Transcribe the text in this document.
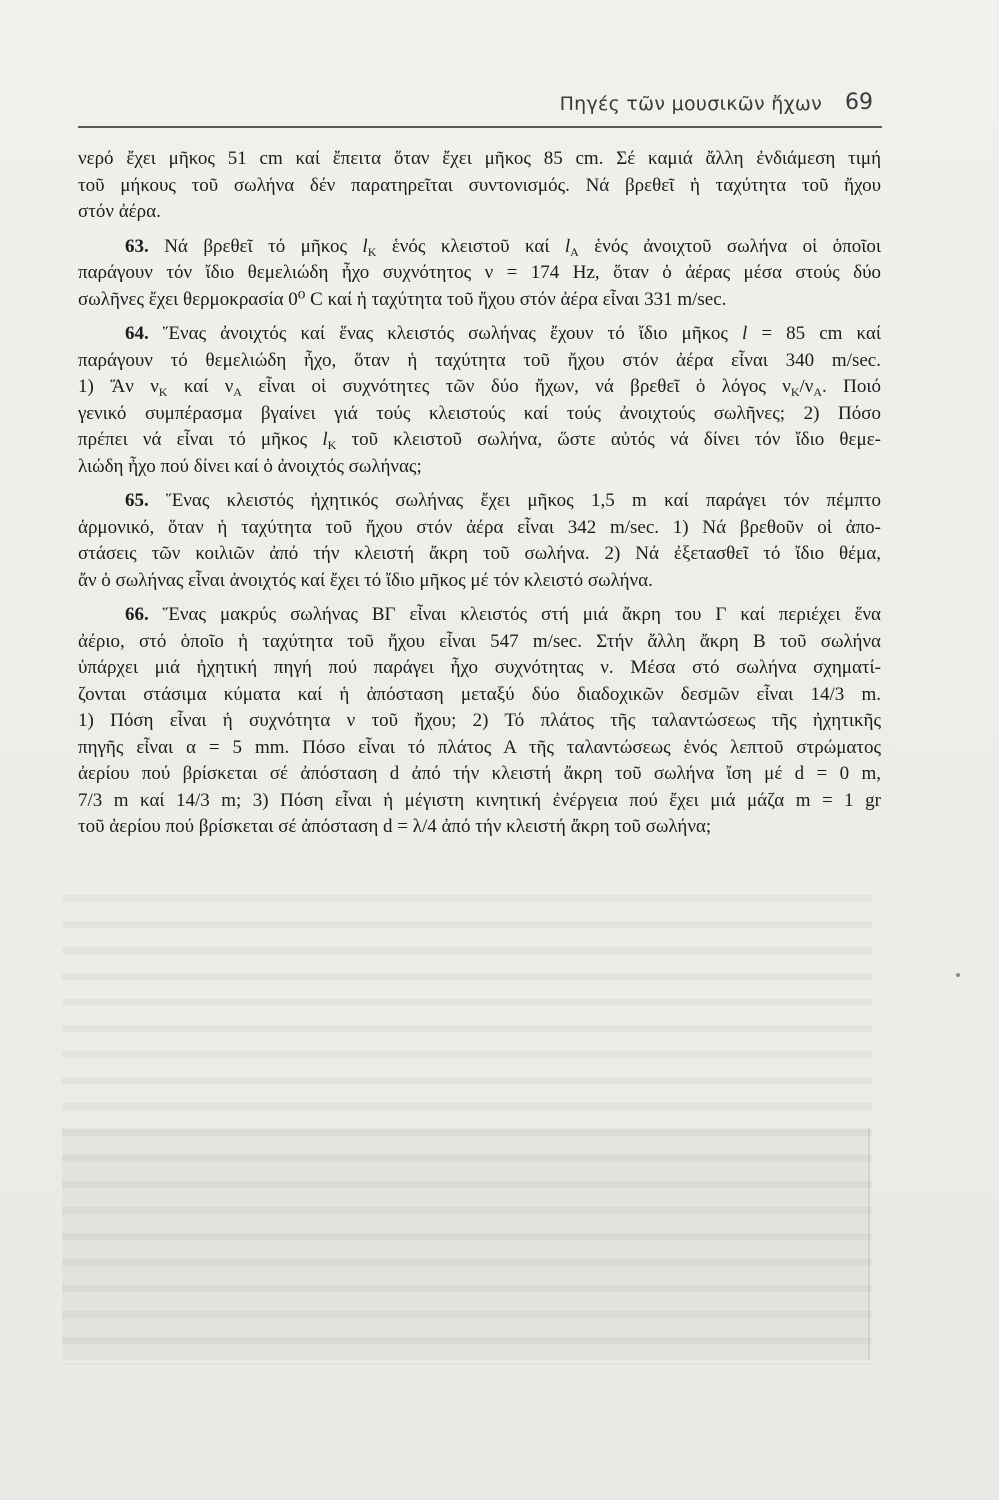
Πηγές τῶν μουσικῶν ἤχων 69
νερό ἔχει μῆκος 51 cm καί ἔπειτα ὅταν ἔχει μῆκος 85 cm. Σέ καμιά ἄλλη ἐνδιάμεση τιμή
τοῦ μήκους τοῦ σωλήνα δέν παρατηρεῖται συντονισμός. Νά βρεθεῖ ἡ ταχύτητα τοῦ ἤχου
στόν ἀέρα.
63. Νά βρεθεῖ τό μῆκος $l_K$ ἑνός κλειστοῦ καί $l_A$ ἑνός ἀνοιχτοῦ σωλήνα οἱ ὁποῖοι
παράγουν τόν ἴδιο θεμελιώδη ἦχο συχνότητος ν = 174 Hz, ὅταν ὁ ἀέρας μέσα στούς δύο
σωλῆνες ἔχει θερμοκρασία 0⁰ C καί ἡ ταχύτητα τοῦ ἤχου στόν ἀέρα εἶναι 331 m/sec.
64. Ἕνας ἀνοιχτός καί ἕνας κλειστός σωλήνας ἔχουν τό ἴδιο μῆκος l = 85 cm καί
παράγουν τό θεμελιώδη ἦχο, ὅταν ἡ ταχύτητα τοῦ ἤχου στόν ἀέρα εἶναι 340 m/sec.
1) Ἄν $\nu_K$ καί $\nu_A$ εἶναι οἱ συχνότητες τῶν δύο ἤχων, νά βρεθεῖ ὁ λόγος $\nu_K/\nu_A$. Ποιό
γενικό συμπέρασμα βγαίνει γιά τούς κλειστούς καί τούς ἀνοιχτούς σωλῆνες; 2) Πόσο
πρέπει νά εἶναι τό μῆκος $l_K$ τοῦ κλειστοῦ σωλήνα, ὥστε αὐτός νά δίνει τόν ἴδιο θεμε-
λιώδη ἦχο πού δίνει καί ὁ ἀνοιχτός σωλήνας;
65. Ἕνας κλειστός ἠχητικός σωλήνας ἔχει μῆκος 1,5 m καί παράγει τόν πέμπτο
ἁρμονικό, ὅταν ἡ ταχύτητα τοῦ ἤχου στόν ἀέρα εἶναι 342 m/sec. 1) Νά βρεθοῦν οἱ ἀπο-
στάσεις τῶν κοιλιῶν ἀπό τήν κλειστή ἄκρη τοῦ σωλήνα. 2) Νά ἐξετασθεῖ τό ἴδιο θέμα,
ἄν ὁ σωλήνας εἶναι ἀνοιχτός καί ἔχει τό ἴδιο μῆκος μέ τόν κλειστό σωλήνα.
66. Ἕνας μακρύς σωλήνας ΒΓ εἶναι κλειστός στή μιά ἄκρη του Γ καί περιέχει ἕνα
ἀέριο, στό ὁποῖο ἡ ταχύτητα τοῦ ἤχου εἶναι 547 m/sec. Στήν ἄλλη ἄκρη Β τοῦ σωλήνα
ὑπάρχει μιά ἠχητική πηγή πού παράγει ἦχο συχνότητας ν. Μέσα στό σωλήνα σχηματί-
ζονται στάσιμα κύματα καί ἡ ἀπόσταση μεταξύ δύο διαδοχικῶν δεσμῶν εἶναι 14/3 m.
1) Πόση εἶναι ἡ συχνότητα ν τοῦ ἤχου; 2) Τό πλάτος τῆς ταλαντώσεως τῆς ἠχητικῆς
πηγῆς εἶναι α = 5 mm. Πόσο εἶναι τό πλάτος Α τῆς ταλαντώσεως ἑνός λεπτοῦ στρώματος
ἀερίου πού βρίσκεται σέ ἀπόσταση d ἀπό τήν κλειστή ἄκρη τοῦ σωλήνα ἴση μέ d = 0 m,
7/3 m καί 14/3 m; 3) Πόση εἶναι ἡ μέγιστη κινητική ἐνέργεια πού ἔχει μιά μάζα m = 1 gr
τοῦ ἀερίου πού βρίσκεται σέ ἀπόσταση d = λ/4 ἀπό τήν κλειστή ἄκρη τοῦ σωλήνα;
